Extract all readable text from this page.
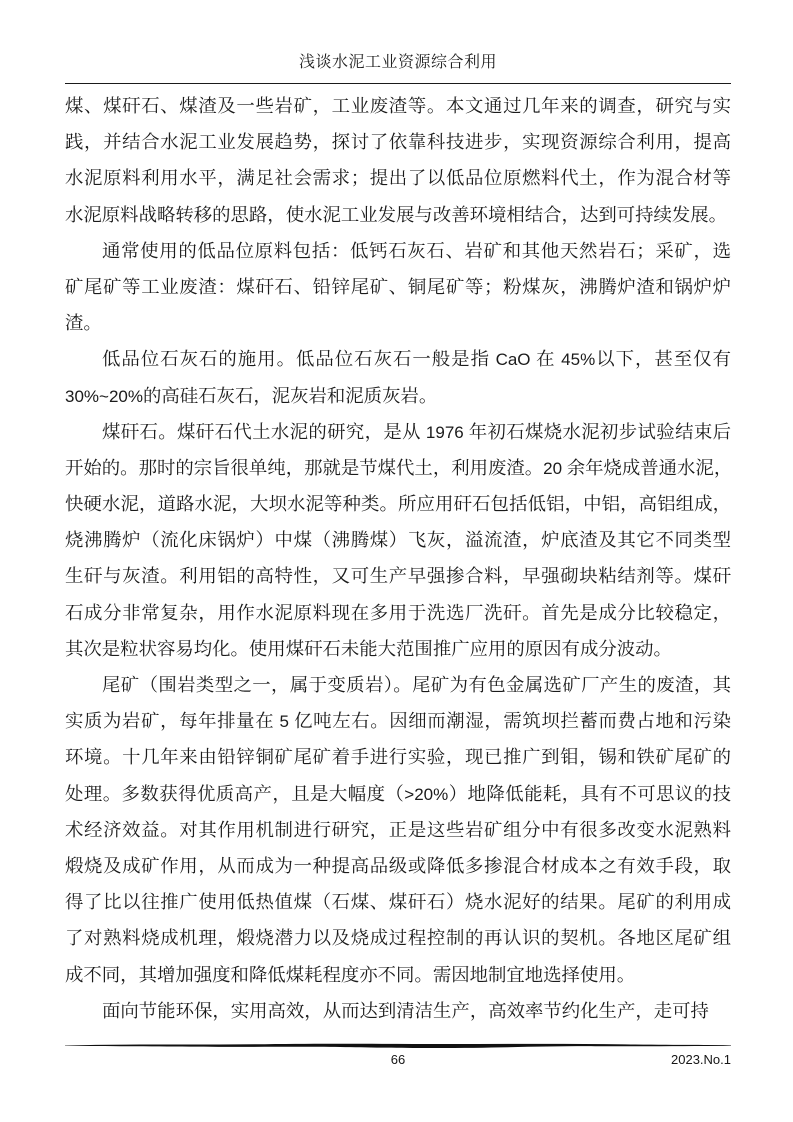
浅谈水泥工业资源综合利用
煤、煤矸石、煤渣及一些岩矿，工业废渣等。本文通过几年来的调查，研究与实
践，并结合水泥工业发展趋势，探讨了依靠科技进步，实现资源综合利用，提高
水泥原料利用水平，满足社会需求；提出了以低品位原燃料代土，作为混合材等
水泥原料战略转移的思路，使水泥工业发展与改善环境相结合，达到可持续发展。
通常使用的低品位原料包括：低钙石灰石、岩矿和其他天然岩石；采矿，选
矿尾矿等工业废渣：煤矸石、铅锌尾矿、铜尾矿等；粉煤灰，沸腾炉渣和锅炉炉
渣。
低品位石灰石的施用。低品位石灰石一般是指 CaO 在 45%以下，甚至仅有
30%~20%的高硅石灰石，泥灰岩和泥质灰岩。
煤矸石。煤矸石代土水泥的研究，是从 1976 年初石煤烧水泥初步试验结束后
开始的。那时的宗旨很单纯，那就是节煤代土，利用废渣。20 余年烧成普通水泥，
快硬水泥，道路水泥，大坝水泥等种类。所应用矸石包括低铝，中铝，高铝组成，
烧沸腾炉（流化床锅炉）中煤（沸腾煤）飞灰，溢流渣，炉底渣及其它不同类型
生矸与灰渣。利用铝的高特性，又可生产早强掺合料，早强砌块粘结剂等。煤矸
石成分非常复杂，用作水泥原料现在多用于洗选厂洗矸。首先是成分比较稳定，
其次是粒状容易均化。使用煤矸石未能大范围推广应用的原因有成分波动。
尾矿（围岩类型之一，属于变质岩）。尾矿为有色金属选矿厂产生的废渣，其
实质为岩矿，每年排量在 5 亿吨左右。因细而潮湿，需筑坝拦蓄而费占地和污染
环境。十几年来由铅锌铜矿尾矿着手进行实验，现已推广到钼，锡和铁矿尾矿的
处理。多数获得优质高产，且是大幅度（>20%）地降低能耗，具有不可思议的技
术经济效益。对其作用机制进行研究，正是这些岩矿组分中有很多改变水泥熟料
煅烧及成矿作用，从而成为一种提高品级或降低多掺混合材成本之有效手段，取
得了比以往推广使用低热值煤（石煤、煤矸石）烧水泥好的结果。尾矿的利用成
了对熟料烧成机理，煅烧潜力以及烧成过程控制的再认识的契机。各地区尾矿组
成不同，其增加强度和降低煤耗程度亦不同。需因地制宜地选择使用。
面向节能环保，实用高效，从而达到清洁生产，高效率节约化生产，走可持
66	2023.No.1
